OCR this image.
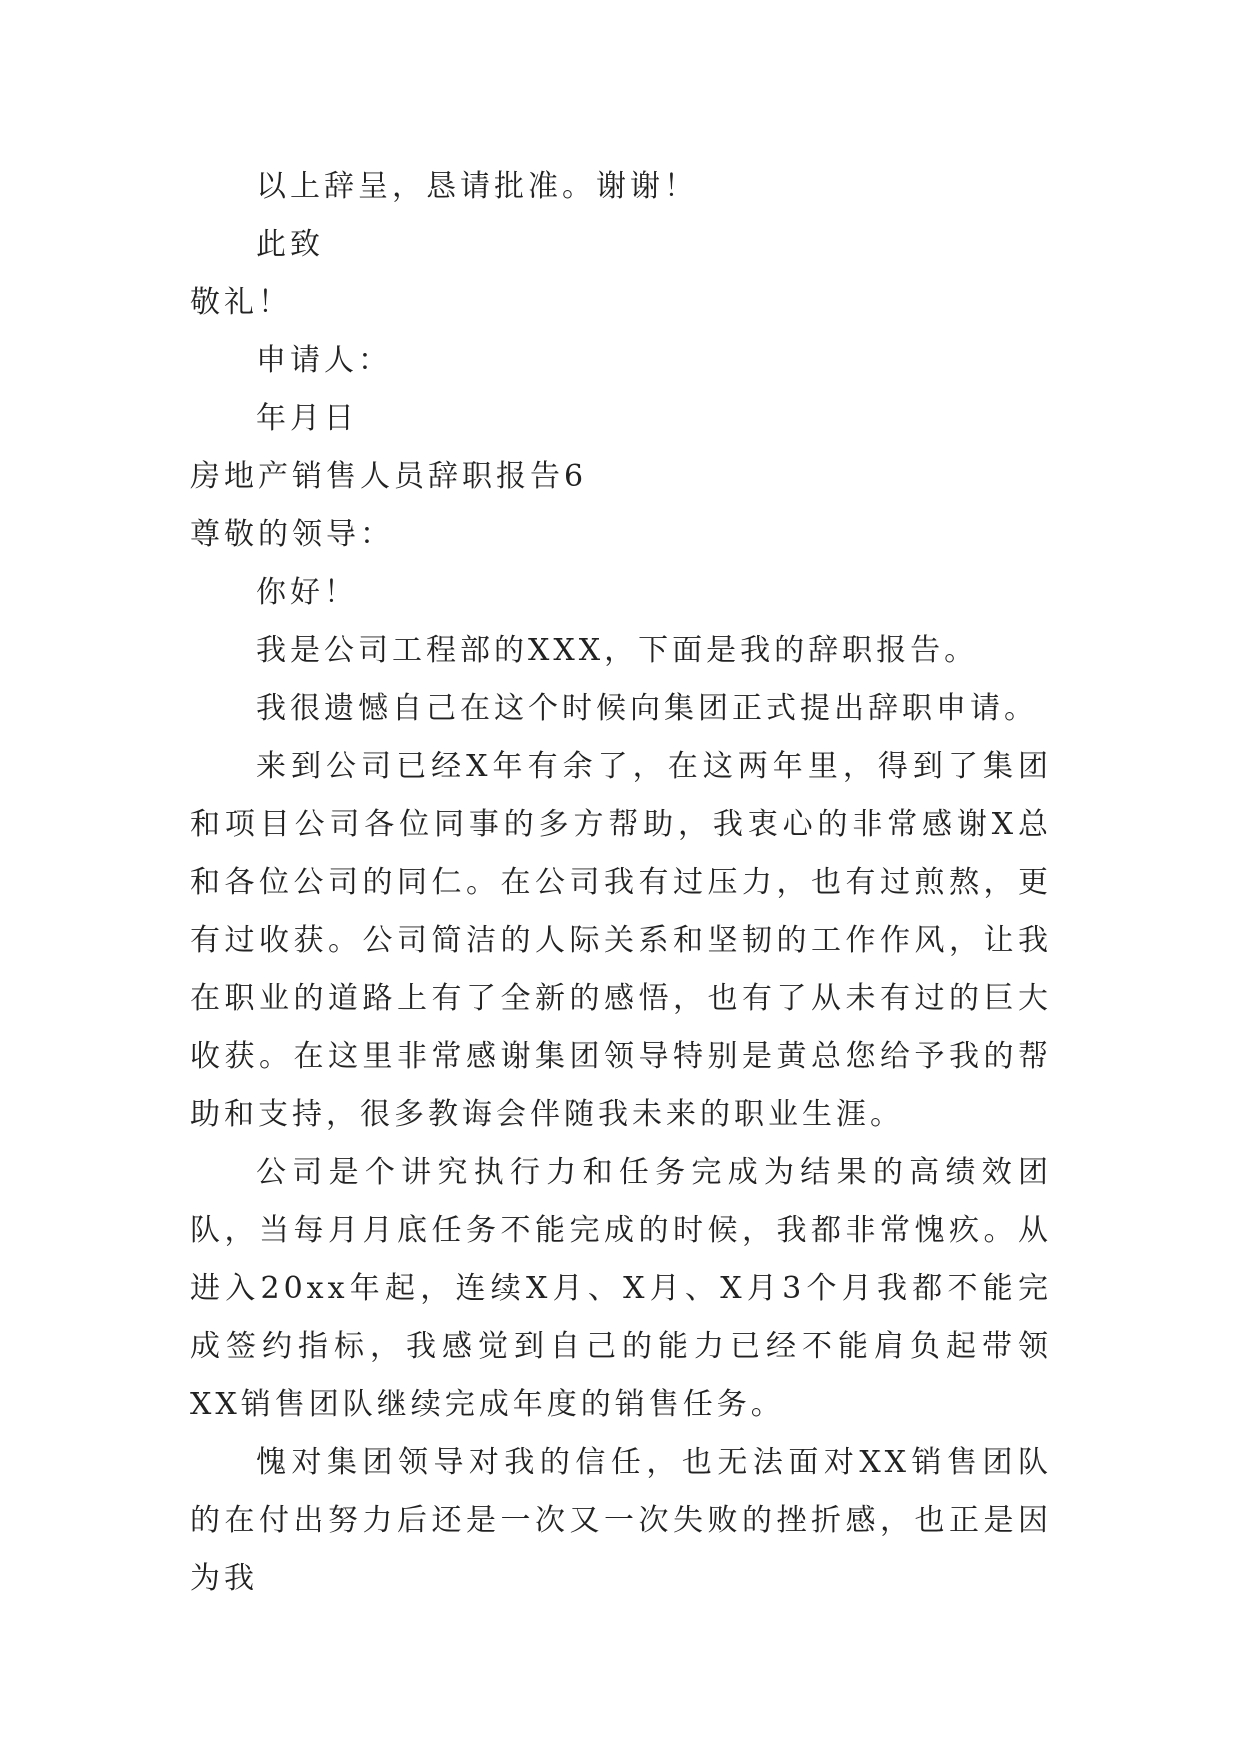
以上辞呈，恳请批准。谢谢！

此致

敬礼！

申请人：

年月日

房地产销售人员辞职报告6

尊敬的领导：

你好！

我是公司工程部的XXX，下面是我的辞职报告。

我很遗憾自己在这个时候向集团正式提出辞职申请。

来到公司已经X年有余了，在这两年里，得到了集团和项目公司各位同事的多方帮助，我衷心的非常感谢X总和各位公司的同仁。在公司我有过压力，也有过煎熬，更有过收获。公司简洁的人际关系和坚韧的工作作风，让我在职业的道路上有了全新的感悟，也有了从未有过的巨大收获。在这里非常感谢集团领导特别是黄总您给予我的帮助和支持，很多教诲会伴随我未来的职业生涯。

公司是个讲究执行力和任务完成为结果的高绩效团队，当每月月底任务不能完成的时候，我都非常愧疚。从进入20xx年起，连续X月、X月、X月3个月我都不能完成签约指标，我感觉到自己的能力已经不能肩负起带领XX销售团队继续完成年度的销售任务。

愧对集团领导对我的信任，也无法面对XX销售团队的在付出努力后还是一次又一次失败的挫折感，也正是因为我
